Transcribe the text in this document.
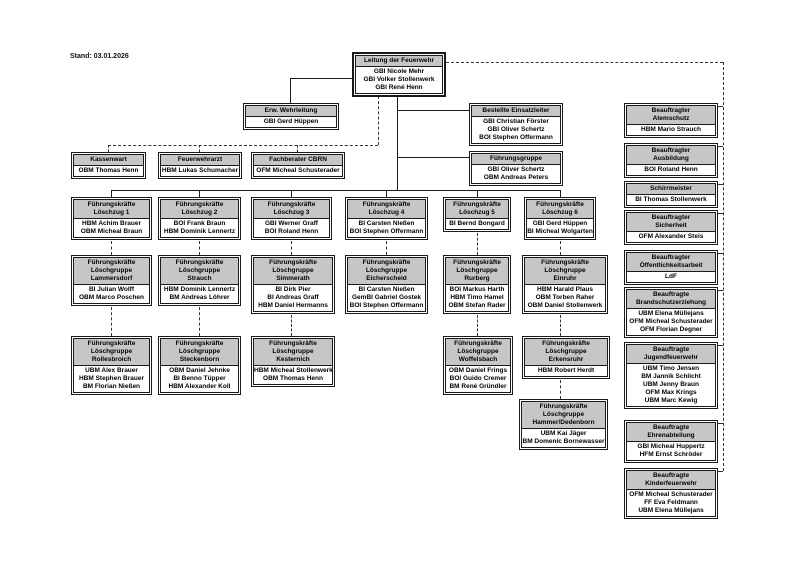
Stand: 03.01.2026
Leitung der Feuerwehr
GBI Nicole Mehr
GBI Volker Stollenwerk
GBI René Henn
Erw. Wehrleitung
GBI Gerd Hüppen
Bestellte Einsatzleiter
GBI Christian Förster
GBI Oliver Schertz
BOI Stephen Offermann
Führungsgruppe
GBI Oliver Schertz
OBM Andreas Peters
Kassenwart
OBM Thomas Henn
Feuerwehrarzt
HBM Lukas Schumacher
Fachberater CBRN
OFM Micheal Schusterader
Führungskräfte
Löschzug 1
HBM Achim Brauer
OBM Micheal Braun
Führungskräfte
Löschzug 2
BOI Frank Braun
HBM Dominik Lennertz
Führungskräfte
Löschzug 3
GBI Werner Graff
BOI Roland Henn
Führungskräfte
Löschzug 4
BI Carsten Nießen
BOI Stephen Offermann
Führungskräfte
Löschzug 5
BI Bernd Bongard
Führungskräfte
Löschzug 6
GBI Gerd Hüppen
BI Micheal Wolgarten
Führungskräfte
Löschgruppe
Lammersdorf
BI Julian Wolff
OBM Marco Poschen
Führungskräfte
Löschgruppe
Strauch
HBM Dominik Lennertz
BM Andreas Löhrer
Führungskräfte
Löschgruppe
Simmerath
BI Dirk Pier
BI Andreas Graff
HBM Daniel Hermanns
Führungskräfte
Löschgruppe
Eicherscheid
BI Carsten Nießen
GemBI Gabriel Gostek
BOI Stephen Offermann
Führungskräfte
Löschgruppe
Rurberg
BOI Markus Harth
HBM Timo Hamel
OBM Stefan Rader
Führungskräfte
Löschgruppe
Einruhr
HBM Harald Plaus
OBM Torben Raher
OBM Daniel Stollenwerk
Führungskräfte
Löschgruppe
Rollesbroich
UBM Alex Brauer
HBM Stephen Brauer
BM Florian Nießen
Führungskräfte
Löschgruppe
Steckenborn
OBM Daniel Jehnke
BI Benno Tüpper
HBM Alexander Koll
Führungskräfte
Löschgruppe
Kesternich
HBM Micheal Stollenwerk
OBM Thomas Henn
Führungskräfte
Löschgruppe
Woffelsbach
OBM Daniel Frings
BOI Guido Cremer
BM René Gründler
Führungskräfte
Löschgruppe
Erkensruhr
HBM Robert Herdt
Führungskräfte
Löschgruppe
Hammer/Dedenborn
UBM Kai Jäger
BM Domenic Bornewasser
Beauftragter
Atemschutz
HBM Mario Strauch
Beauftragter
Ausbildung
BOI Roland Henn
Schirrmeister
BI Thomas Stollenwerk
Beauftragter
Sicherheit
OFM Alexander Steis
Beauftragter
Öffentlichkeitsarbeit
LdF
Beauftragte
Brandschutzerziehung
UBM Elena Müllejans
OFM Micheal Schusterader
OFM Florian Degner
Beauftragte
Jugendfeuerwehr
UBM Timo Jensen
BM Jannik Schlicht
UBM Jenny Braun
OFM Max Krings
UBM Marc Kewig
Beauftragte
Ehrenabteilung
GBI Micheal Huppertz
HFM Ernst Schröder
Beauftragte
Kinderfeuerwehr
OFM Micheal Schusterader
FF Eva Feldmann
UBM Elena Müllejans
